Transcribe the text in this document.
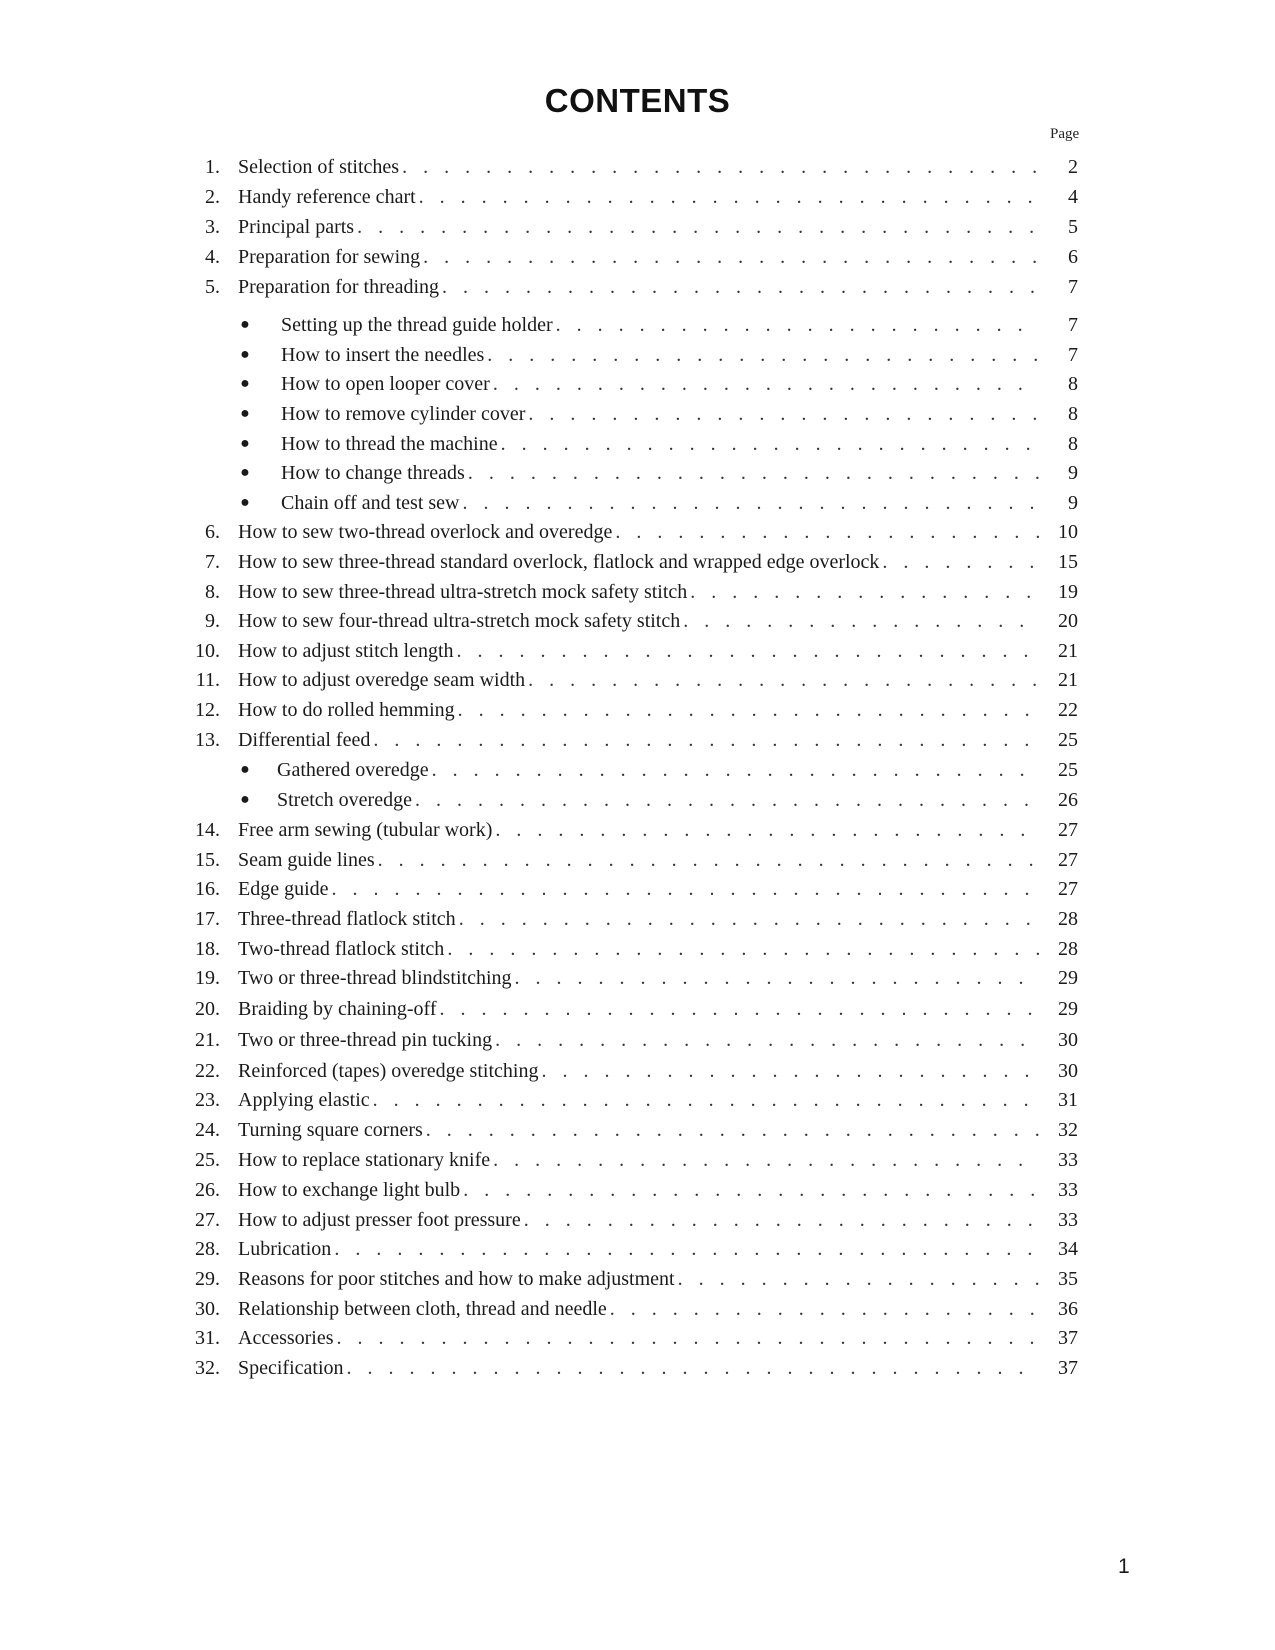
CONTENTS
Page
1. Selection of stitches . . .	2
2. Handy reference chart . . .	4
3. Principal parts . . .	5
4. Preparation for sewing . . .	6
5. Preparation for threading . . .	7
● Setting up the thread guide holder . . .	7
● How to insert the needles . . .	7
● How to open looper cover . . .	8
● How to remove cylinder cover . . .	8
● How to thread the machine . . .	8
● How to change threads . . .	9
● Chain off and test sew . . .	9
6. How to sew two-thread overlock and overedge . . .	10
7. How to sew three-thread standard overlock, flatlock and wrapped edge overlock . . .	15
8. How to sew three-thread ultra-stretch mock safety stitch . . .	19
9. How to sew four-thread ultra-stretch mock safety stitch . . .	20
10. How to adjust stitch length . . .	21
11. How to adjust overedge seam width . . .	21
12. How to do rolled hemming . . .	22
13. Differential feed . . .	25
● Gathered overedge . . .	25
● Stretch overedge . . .	26
14. Free arm sewing (tubular work) . . .	27
15. Seam guide lines . . .	27
16. Edge guide . . .	27
17. Three-thread flatlock stitch . . .	28
18. Two-thread flatlock stitch . . .	28
19. Two or three-thread blindstitching . . .	29
20. Braiding by chaining-off . . .	29
21. Two or three-thread pin tucking . . .	30
22. Reinforced (tapes) overedge stitching . . .	30
23. Applying elastic . . .	31
24. Turning square corners . . .	32
25. How to replace stationary knife . . .	33
26. How to exchange light bulb . . .	33
27. How to adjust presser foot pressure . . .	33
28. Lubrication . . .	34
29. Reasons for poor stitches and how to make adjustment . . .	35
30. Relationship between cloth, thread and needle . . .	36
31. Accessories . . .	37
32. Specification . . .	37
1
